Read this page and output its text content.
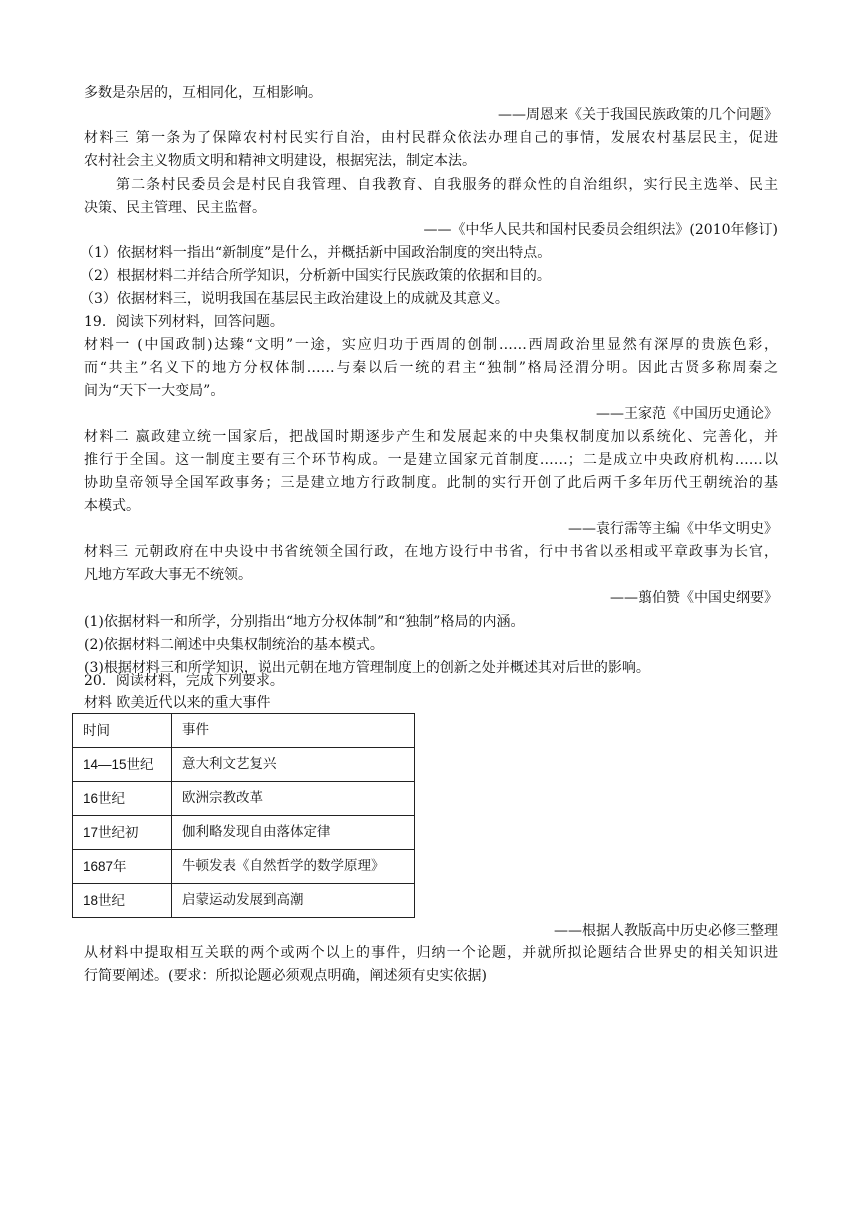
多数是杂居的，互相同化，互相影响。
——周恩来《关于我国民族政策的几个问题》
材料三 第一条为了保障农村村民实行自治，由村民群众依法办理自己的事情，发展农村基层民主，促进
农村社会主义物质文明和精神文明建设，根据宪法，制定本法。
第二条村民委员会是村民自我管理、自我教育、自我服务的群众性的自治组织，实行民主选举、民主
决策、民主管理、民主监督。
——《中华人民共和国村民委员会组织法》(2010年修订)
（1）依据材料一指出“新制度”是什么，并概括新中国政治制度的突出特点。
（2）根据材料二并结合所学知识，分析新中国实行民族政策的依据和目的。
（3）依据材料三，说明我国在基层民主政治建设上的成就及其意义。
19．阅读下列材料，回答问题。
材料一 (中国政制)达臻“文明”一途，实应归功于西周的创制……西周政治里显然有深厚的贵族色彩，
而“共主”名义下的地方分权体制……与秦以后一统的君主“独制”格局泾渭分明。因此古贤多称周秦之
间为“天下一大变局”。
——王家范《中国历史通论》
材料二 嬴政建立统一国家后，把战国时期逐步产生和发展起来的中央集权制度加以系统化、完善化，并
推行于全国。这一制度主要有三个环节构成。一是建立国家元首制度……；二是成立中央政府机构……以
协助皇帝领导全国军政事务；三是建立地方行政制度。此制的实行开创了此后两千多年历代王朝统治的基
本模式。
——袁行霈等主编《中华文明史》
材料三 元朝政府在中央设中书省统领全国行政，在地方设行中书省，行中书省以丞相或平章政事为长官，
凡地方军政大事无不统领。
——翦伯赞《中国史纲要》
(1)依据材料一和所学，分别指出“地方分权体制”和“独制”格局的内涵。
(2)依据材料二阐述中央集权制统治的基本模式。
(3)根据材料三和所学知识，说出元朝在地方管理制度上的创新之处并概述其对后世的影响。
20．阅读材料，完成下列要求。
材料 欧美近代以来的重大事件
时间	事件
14—15世纪	意大利文艺复兴
16世纪	欧洲宗教改革
17世纪初	伽利略发现自由落体定律
1687年	牛顿发表《自然哲学的数学原理》
18世纪	启蒙运动发展到高潮
——根据人教版高中历史必修三整理
从材料中提取相互关联的两个或两个以上的事件，归纳一个论题，并就所拟论题结合世界史的相关知识进
行简要阐述。(要求：所拟论题必须观点明确，阐述须有史实依据)
